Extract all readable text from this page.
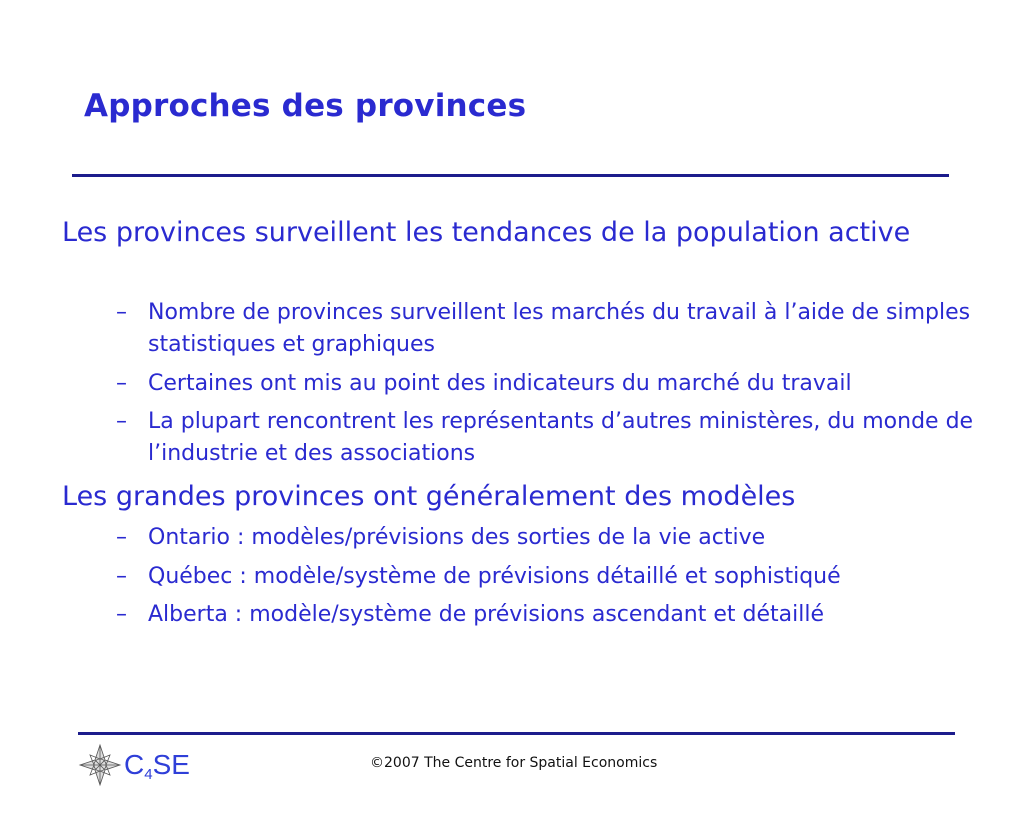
Approches des provinces
Les provinces surveillent les tendances de la population active
– Nombre de provinces surveillent les marchés du travail à l’aide de simples statistiques et graphiques
– Certaines ont mis au point des indicateurs du marché du travail
– La plupart rencontrent les représentants d’autres ministères, du monde de l’industrie et des associations
Les grandes provinces ont généralement des modèles
– Ontario : modèles/prévisions des sorties de la vie active
– Québec : modèle/système de prévisions détaillé et sophistiqué
– Alberta : modèle/système de prévisions ascendant et détaillé
$C_4SE$	©2007 The Centre for Spatial Economics
